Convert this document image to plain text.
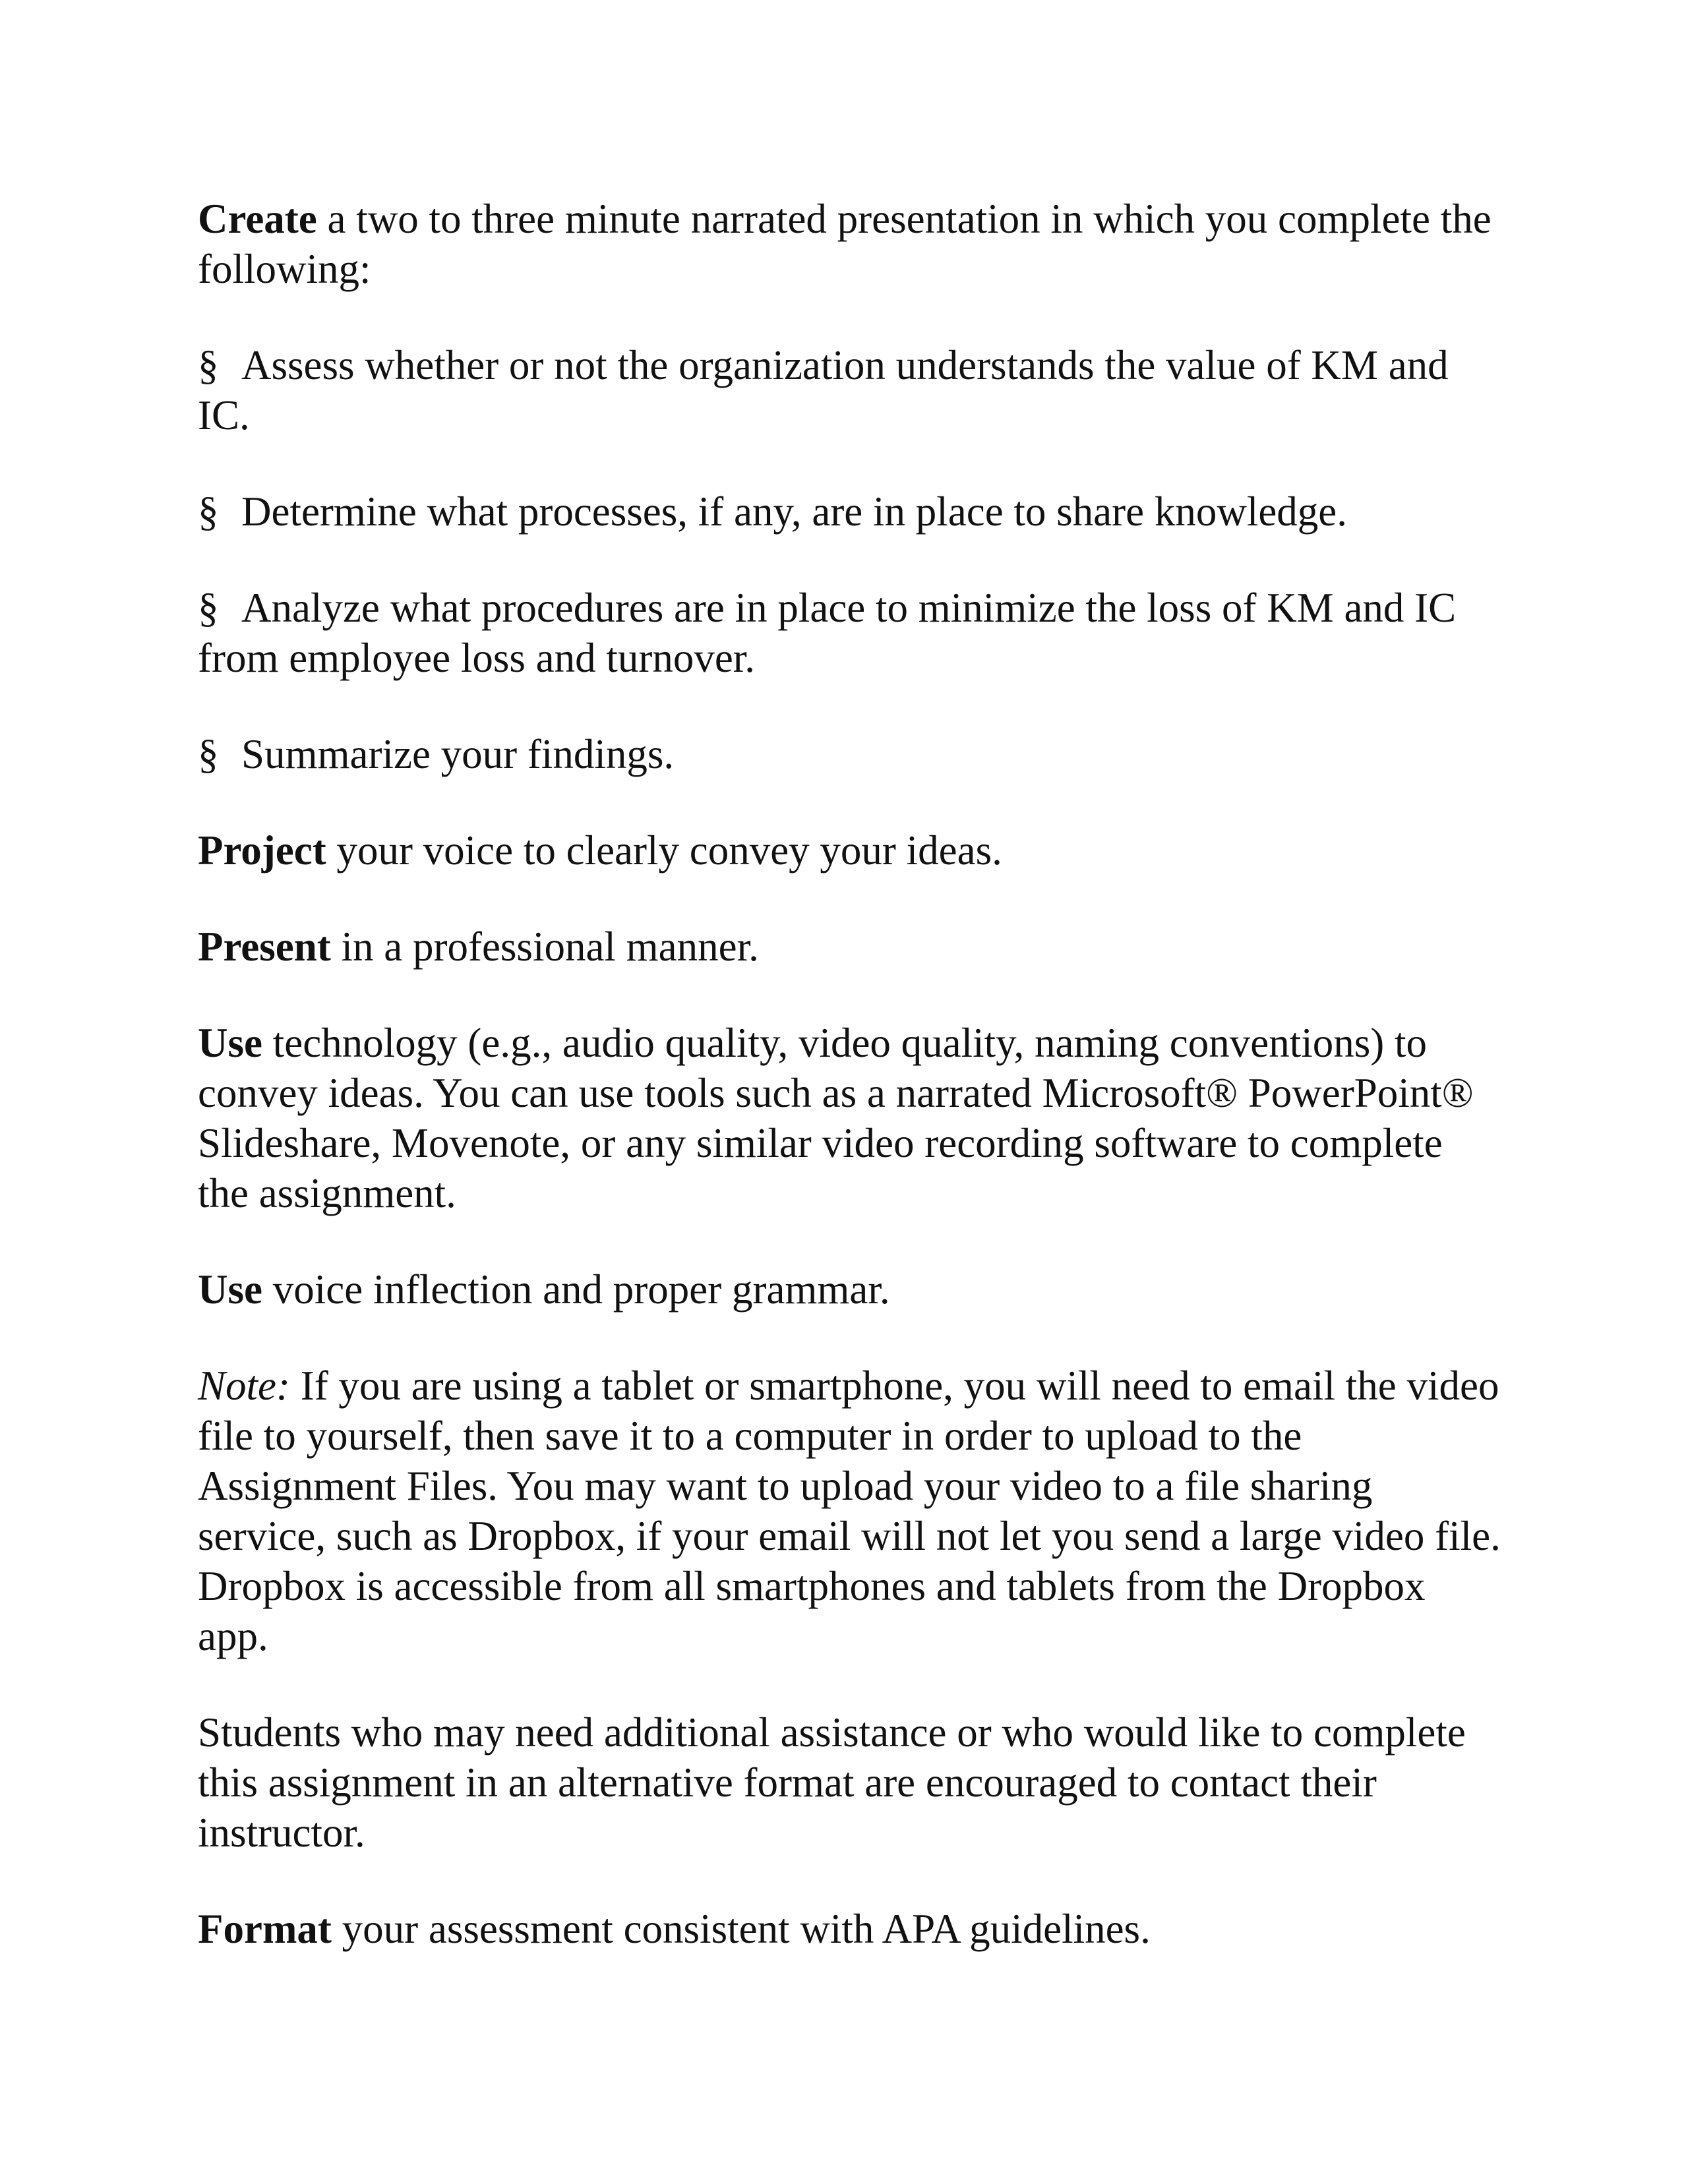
Create a two to three minute narrated presentation in which you complete the following:

§ Assess whether or not the organization understands the value of KM and IC.

§ Determine what processes, if any, are in place to share knowledge.

§ Analyze what procedures are in place to minimize the loss of KM and IC from employee loss and turnover.

§ Summarize your findings.

Project your voice to clearly convey your ideas.

Present in a professional manner.

Use technology (e.g., audio quality, video quality, naming conventions) to convey ideas. You can use tools such as a narrated Microsoft® PowerPoint® Slideshare, Movenote, or any similar video recording software to complete the assignment.

Use voice inflection and proper grammar.

Note: If you are using a tablet or smartphone, you will need to email the video file to yourself, then save it to a computer in order to upload to the Assignment Files. You may want to upload your video to a file sharing service, such as Dropbox, if your email will not let you send a large video file. Dropbox is accessible from all smartphones and tablets from the Dropbox app.

Students who may need additional assistance or who would like to complete this assignment in an alternative format are encouraged to contact their instructor.

Format your assessment consistent with APA guidelines.
